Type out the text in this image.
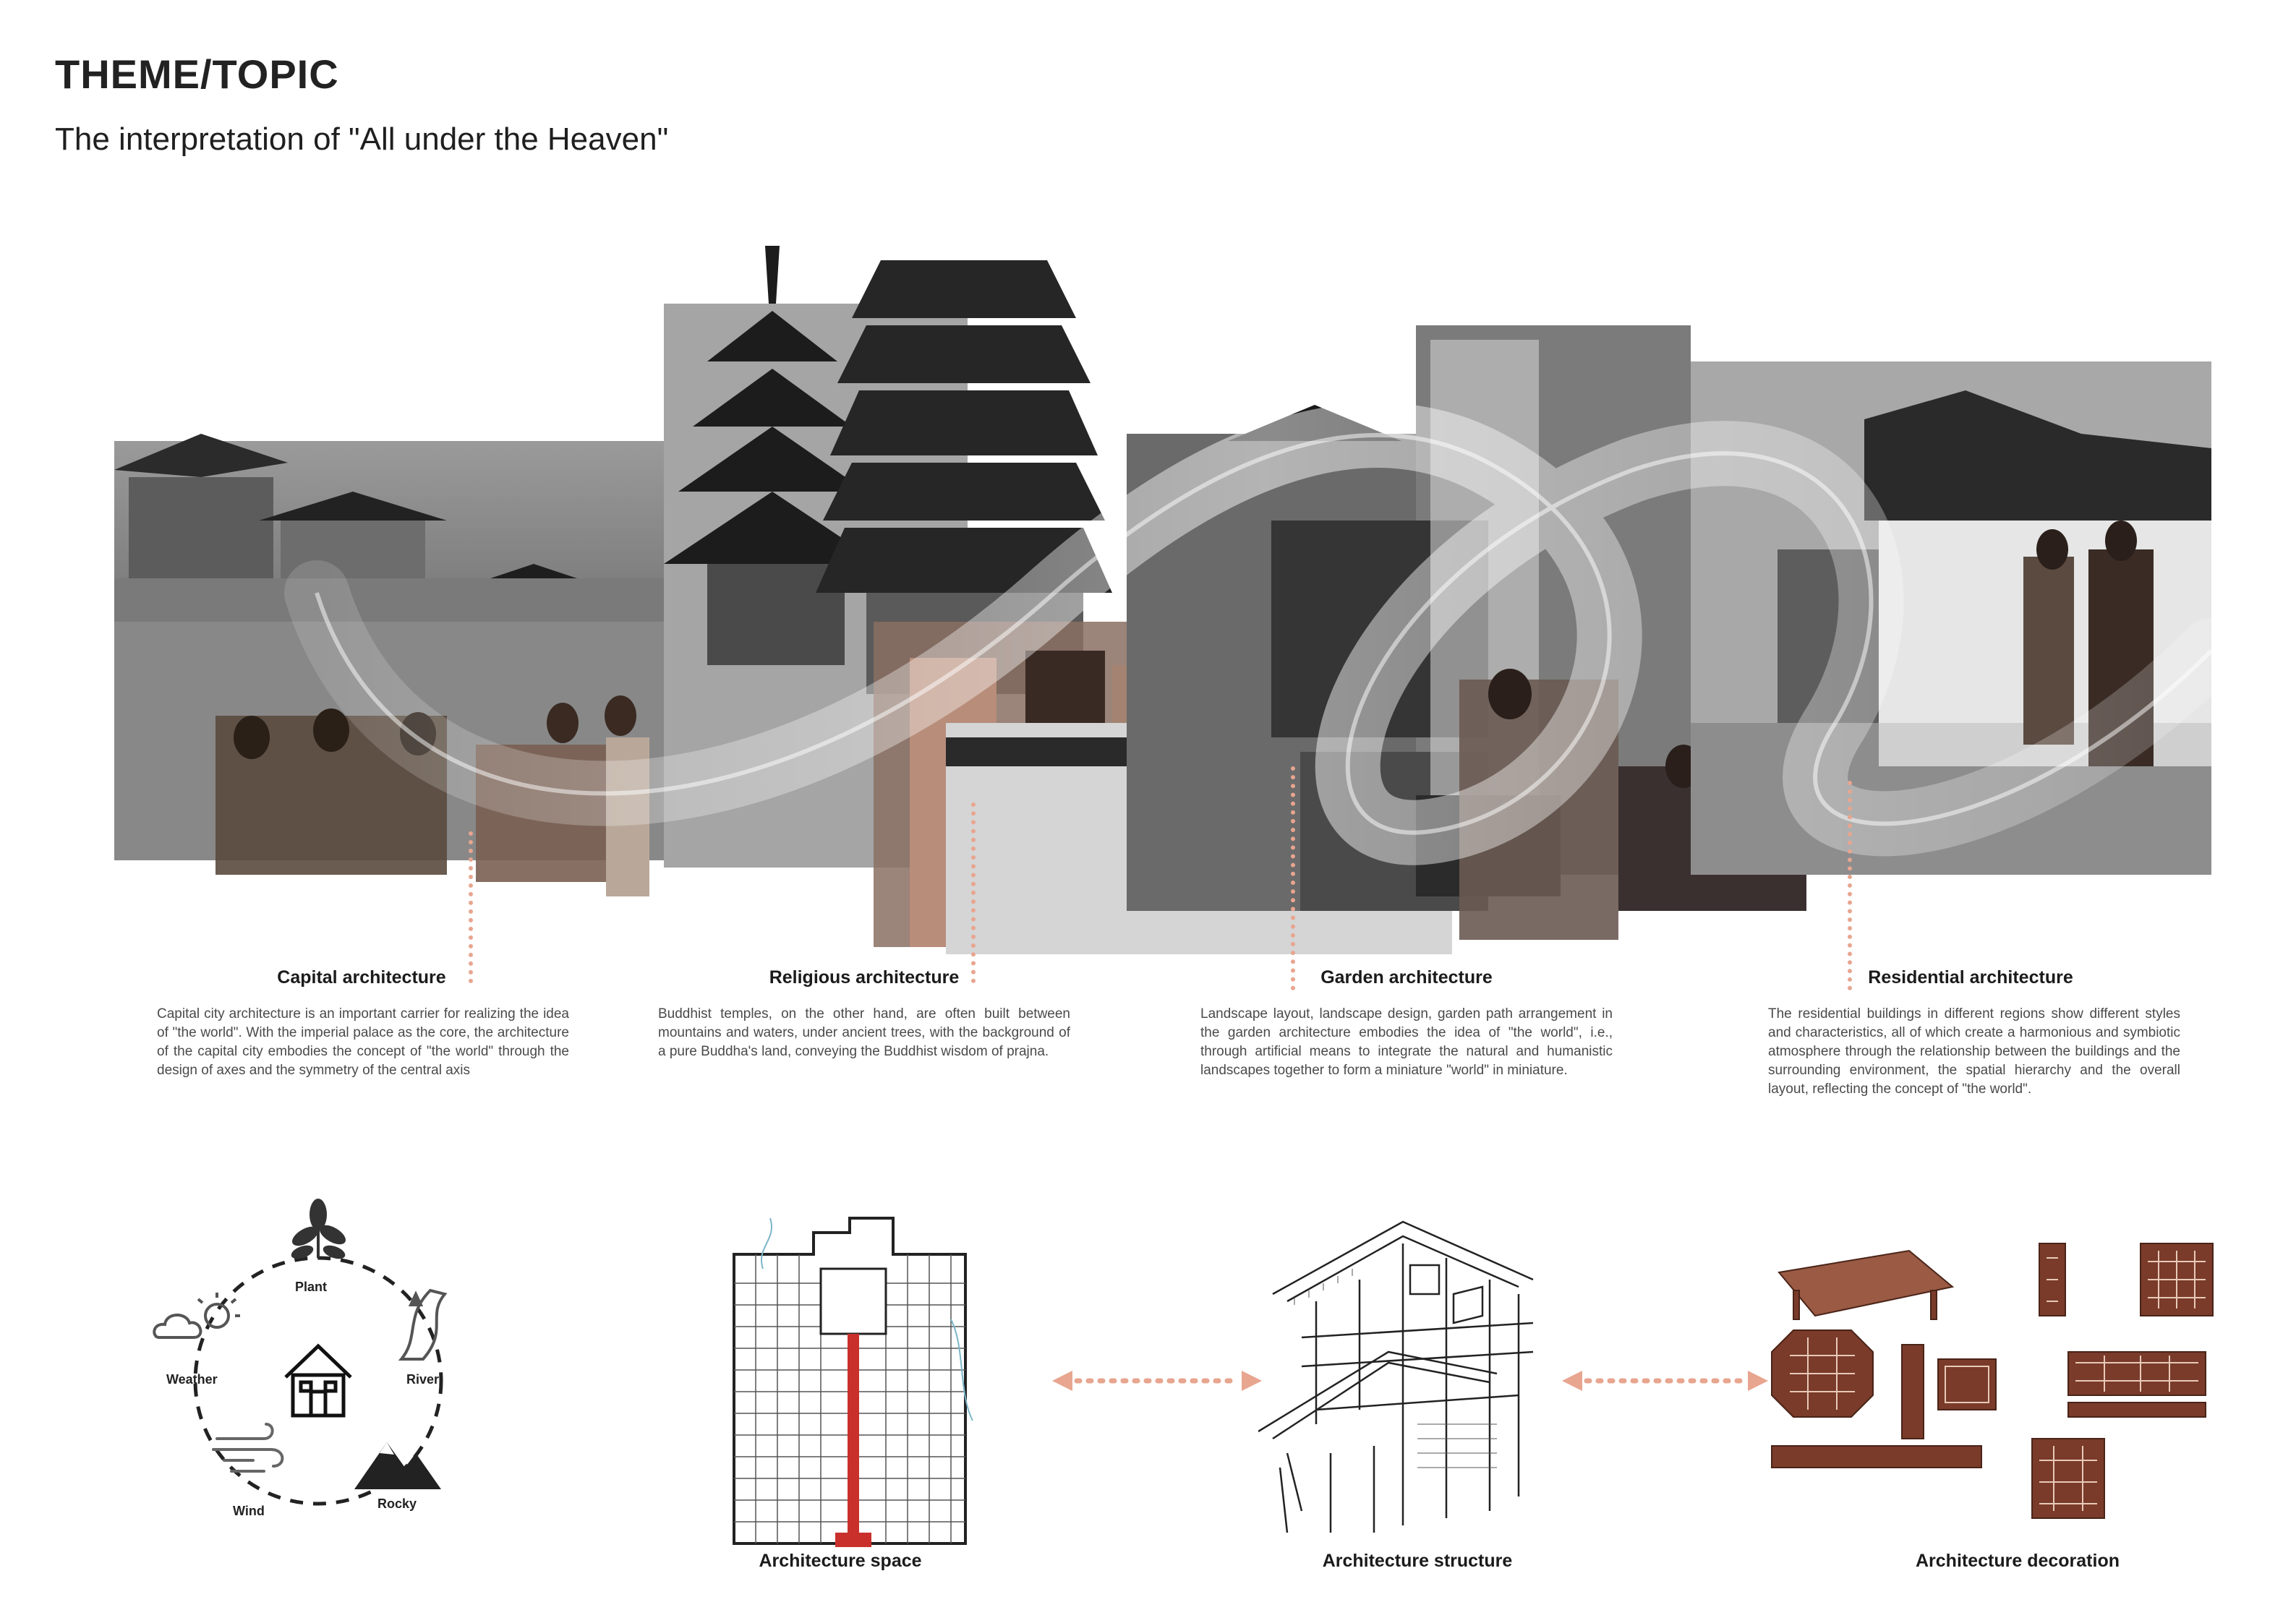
THEME/TOPIC
The interpretation of "All under the Heaven"
Capital architecture
Capital city architecture is an important carrier for realizing the idea of "the world". With the imperial palace as the core, the architecture of the capital city embodies the concept of "the world" through the design of axes and the symmetry of the central axis
Religious architecture
Buddhist temples, on the other hand, are often built between mountains and waters, under ancient trees, with the background of a pure Buddha's land, conveying the Buddhist wisdom of prajna.
Garden architecture
Landscape layout, landscape design, garden path arrangement in the garden architecture embodies the idea of "the world", i.e., through artificial means to integrate the natural and humanistic landscapes together to form a miniature "world" in miniature.
Residential architecture
The residential buildings in different regions show different styles and characteristics, all of which create a harmonious and symbiotic atmosphere through the relationship between the buildings and the surrounding environment, the spatial hierarchy and the overall layout, reflecting the concept of "the world".
Plant
River
Rocky
Wind
Weather
Architecture space	Architecture structure	Architecture decoration
